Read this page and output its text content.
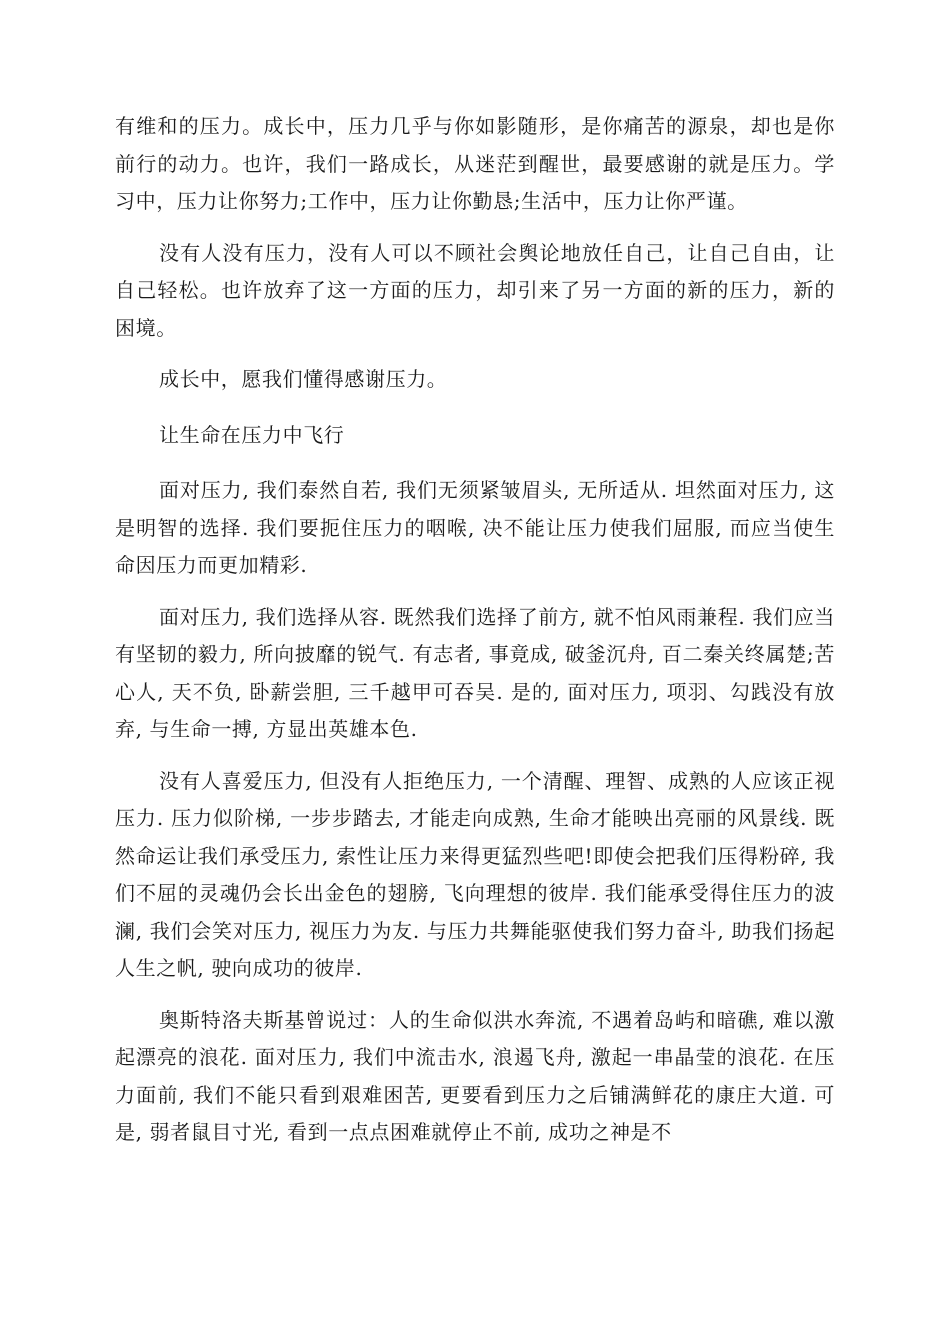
有维和的压力。成长中，压力几乎与你如影随形，是你痛苦的源泉，却也是你前行的动力。也许，我们一路成长，从迷茫到醒世，最要感谢的就是压力。学习中，压力让你努力;工作中，压力让你勤恳;生活中，压力让你严谨。

没有人没有压力，没有人可以不顾社会舆论地放任自己，让自己自由，让自己轻松。也许放弃了这一方面的压力，却引来了另一方面的新的压力，新的困境。

成长中，愿我们懂得感谢压力。

让生命在压力中飞行

面对压力, 我们泰然自若, 我们无须紧皱眉头, 无所适从. 坦然面对压力, 这是明智的选择. 我们要扼住压力的咽喉, 决不能让压力使我们屈服, 而应当使生命因压力而更加精彩.

面对压力, 我们选择从容. 既然我们选择了前方, 就不怕风雨兼程. 我们应当有坚韧的毅力, 所向披靡的锐气. 有志者, 事竟成, 破釜沉舟, 百二秦关终属楚;苦心人, 天不负, 卧薪尝胆, 三千越甲可吞吴. 是的, 面对压力, 项羽、勾践没有放弃, 与生命一搏, 方显出英雄本色.

没有人喜爱压力, 但没有人拒绝压力, 一个清醒、理智、成熟的人应该正视压力. 压力似阶梯, 一步步踏去, 才能走向成熟, 生命才能映出亮丽的风景线. 既然命运让我们承受压力, 索性让压力来得更猛烈些吧!即使会把我们压得粉碎, 我们不屈的灵魂仍会长出金色的翅膀, 飞向理想的彼岸. 我们能承受得住压力的波澜, 我们会笑对压力, 视压力为友. 与压力共舞能驱使我们努力奋斗, 助我们扬起人生之帆, 驶向成功的彼岸.

奥斯特洛夫斯基曾说过：人的生命似洪水奔流, 不遇着岛屿和暗礁, 难以激起漂亮的浪花. 面对压力, 我们中流击水, 浪遏飞舟, 激起一串晶莹的浪花. 在压力面前, 我们不能只看到艰难困苦, 更要看到压力之后铺满鲜花的康庄大道. 可是, 弱者鼠目寸光, 看到一点点困难就停止不前, 成功之神是不
